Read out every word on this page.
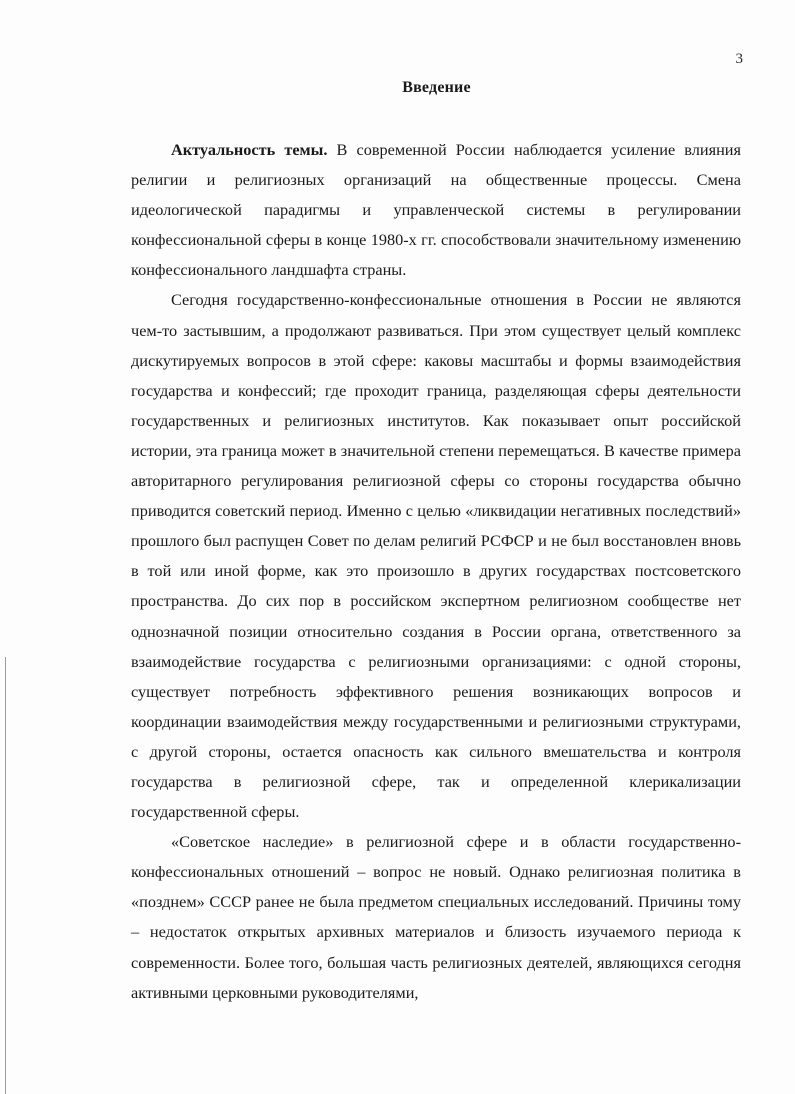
3
Введение

Актуальность темы. В современной России наблюдается усиление влияния религии и религиозных организаций на общественные процессы. Смена идеологической парадигмы и управленческой системы в регулировании конфессиональной сферы в конце 1980-х гг. способствовали значительному изменению конфессионального ландшафта страны.

Сегодня государственно-конфессиональные отношения в России не являются чем-то застывшим, а продолжают развиваться. При этом существует целый комплекс дискутируемых вопросов в этой сфере: каковы масштабы и формы взаимодействия государства и конфессий; где проходит граница, разделяющая сферы деятельности государственных и религиозных институтов. Как показывает опыт российской истории, эта граница может в значительной степени перемещаться. В качестве примера авторитарного регулирования религиозной сферы со стороны государства обычно приводится советский период. Именно с целью «ликвидации негативных последствий» прошлого был распущен Совет по делам религий РСФСР и не был восстановлен вновь в той или иной форме, как это произошло в других государствах постсоветского пространства. До сих пор в российском экспертном религиозном сообществе нет однозначной позиции относительно создания в России органа, ответственного за взаимодействие государства с религиозными организациями: с одной стороны, существует потребность эффективного решения возникающих вопросов и координации взаимодействия между государственными и религиозными структурами, с другой стороны, остается опасность как сильного вмешательства и контроля государства в религиозной сфере, так и определенной клерикализации государственной сферы.

«Советское наследие» в религиозной сфере и в области государственно-конфессиональных отношений – вопрос не новый. Однако религиозная политика в «позднем» СССР ранее не была предметом специальных исследований. Причины тому – недостаток открытых архивных материалов и близость изучаемого периода к современности. Более того, большая часть религиозных деятелей, являющихся сегодня активными церковными руководителями,
